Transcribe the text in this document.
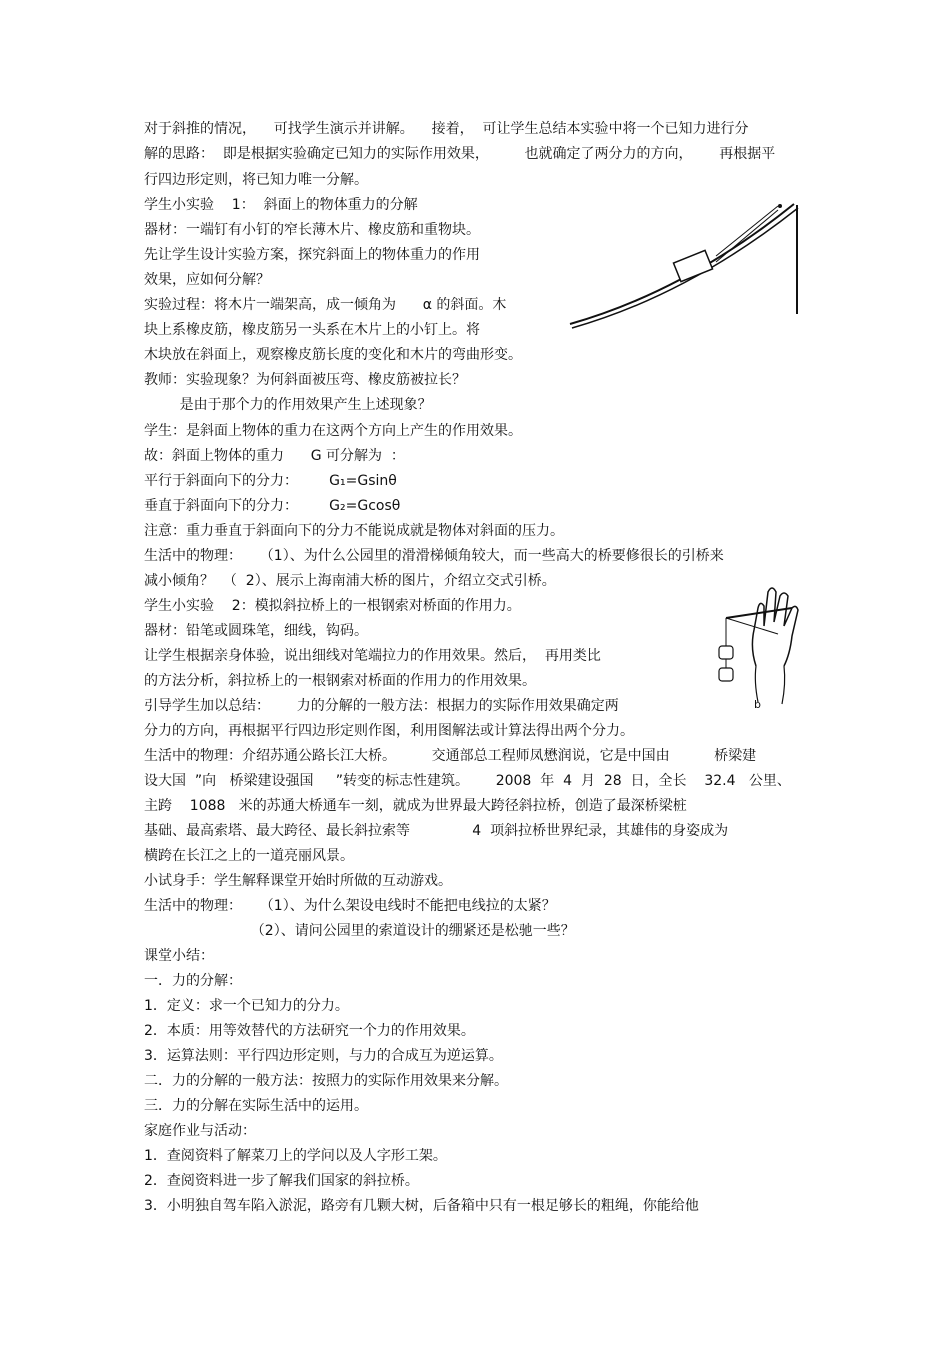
对于斜推的情况，    可找学生演示并讲解。    接着，  可让学生总结本实验中将一个已知力进行分
解的思路：  即是根据实验确定已知力的实际作用效果，        也就确定了两分力的方向，      再根据平
行四边形定则，将已知力唯一分解。
学生小实验    1：  斜面上的物体重力的分解
器材：一端钉有小钉的窄长薄木片、橡皮筋和重物块。
先让学生设计实验方案，探究斜面上的物体重力的作用
效果，应如何分解？
实验过程：将木片一端架高，成一倾角为      α 的斜面。木
块上系橡皮筋，橡皮筋另一头系在木片上的小钉上。将
木块放在斜面上，观察橡皮筋长度的变化和木片的弯曲形变。
教师：实验现象？为何斜面被压弯、橡皮筋被拉长？
是由于那个力的作用效果产生上述现象？
学生：是斜面上物体的重力在这两个方向上产生的作用效果。
故：斜面上物体的重力      G 可分解为  ：
平行于斜面向下的分力：       G₁=Gsinθ
垂直于斜面向下的分力：       G₂=Gcosθ
注意：重力垂直于斜面向下的分力不能说成就是物体对斜面的压力。
生活中的物理：    （1）、为什么公园里的滑滑梯倾角较大，而一些高大的桥要修很长的引桥来
减小倾角？  （  2）、展示上海南浦大桥的图片，介绍立交式引桥。
学生小实验    2：模拟斜拉桥上的一根钢索对桥面的作用力。
器材：铅笔或圆珠笔，细线，钩码。
让学生根据亲身体验，说出细线对笔端拉力的作用效果。然后，  再用类比
的方法分析，斜拉桥上的一根钢索对桥面的作用力的作用效果。
引导学生加以总结：      力的分解的一般方法：根据力的实际作用效果确定两
分力的方向，再根据平行四边形定则作图，利用图解法或计算法得出两个分力。
生活中的物理：介绍苏通公路长江大桥。        交通部总工程师凤懋润说，它是中国由          桥梁建
设大国  ”向   桥梁建设强国     ”转变的标志性建筑。      2008  年  4  月  28  日，全长    32.4   公里、
主跨    1088   米的苏通大桥通车一刻，就成为世界最大跨径斜拉桥，创造了最深桥梁桩
基础、最高索塔、最大跨径、最长斜拉索等              4  项斜拉桥世界纪录，其雄伟的身姿成为
横跨在长江之上的一道亮丽风景。
小试身手：学生解释课堂开始时所做的互动游戏。
生活中的物理：    （1）、为什么架设电线时不能把电线拉的太紧？
（2）、请问公园里的索道设计的绷紧还是松驰一些？
课堂小结：
一．力的分解：
1．定义：求一个已知力的分力。
2．本质：用等效替代的方法研究一个力的作用效果。
3．运算法则：平行四边形定则，与力的合成互为逆运算。
二．力的分解的一般方法：按照力的实际作用效果来分解。
三．力的分解在实际生活中的运用。
家庭作业与活动：
1．查阅资料了解菜刀上的学问以及人字形工架。
2．查阅资料进一步了解我们国家的斜拉桥。
3．小明独自驾车陷入淤泥，路旁有几颗大树，后备箱中只有一根足够长的粗绳，你能给他
b
